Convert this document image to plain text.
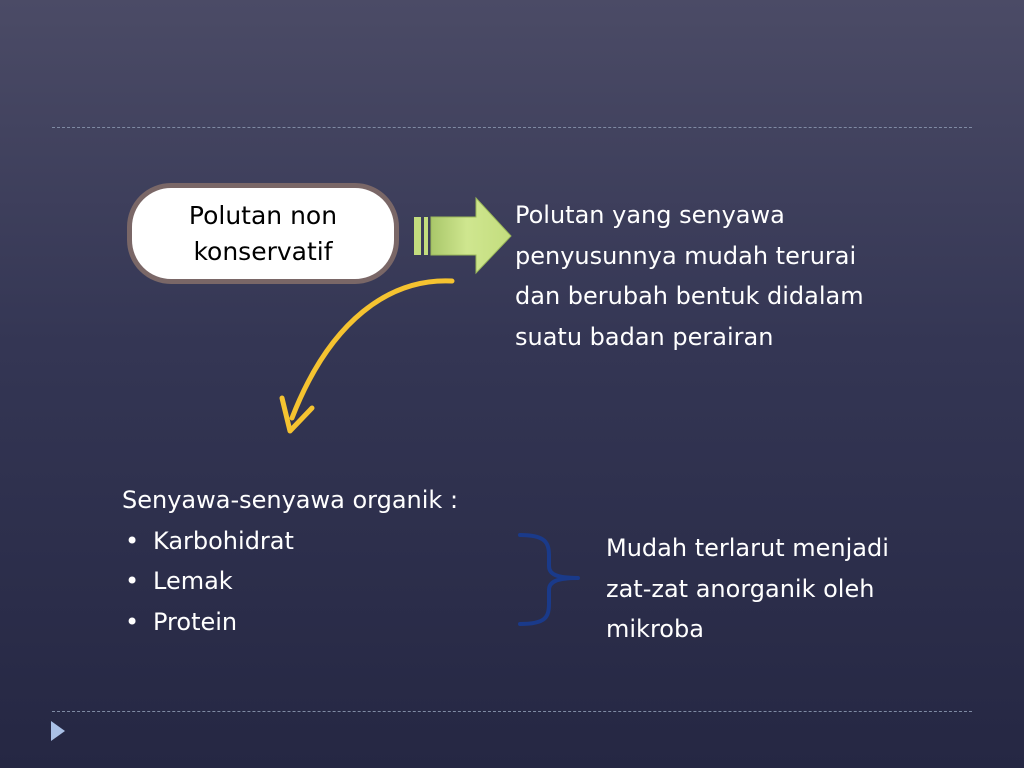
Polutan non
konservatif
Polutan yang senyawa
penyusunnya mudah terurai
dan berubah bentuk didalam
suatu badan perairan
Senyawa-senyawa organik :
• Karbohidrat
• Lemak
• Protein
Mudah terlarut menjadi
zat-zat anorganik oleh
mikroba
